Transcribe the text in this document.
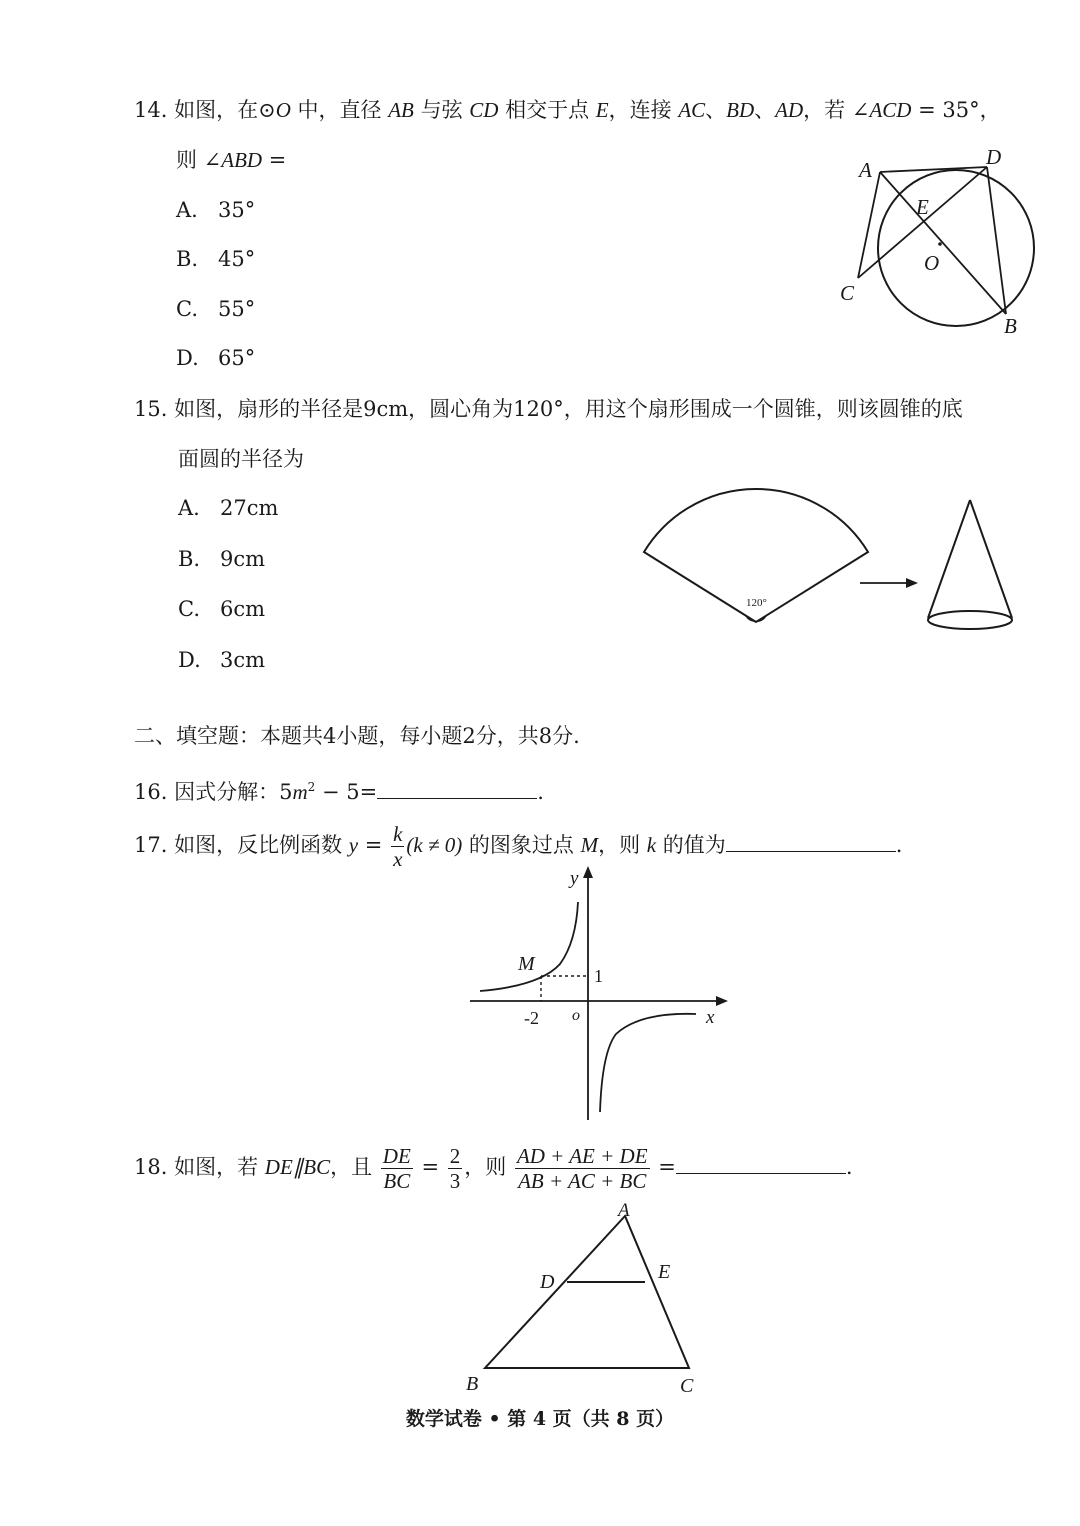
14. 如图，在⊙O 中，直径 AB 与弦 CD 相交于点 E，连接 AC、BD、AD，若 ∠ACD = 35°，
则 ∠ABD =
A. 35°
B. 45°
C. 55°
D. 65°
A
D
E
O
C
B
15. 如图，扇形的半径是9cm，圆心角为120°，用这个扇形围成一个圆锥，则该圆锥的底
面圆的半径为
A. 27cm
B. 9cm
C. 6cm
D. 3cm
120°
二、填空题：本题共4小题，每小题2分，共8分.
16. 因式分解：$5m^2 - 5=$	.
17. 如图，反比例函数 $y = \frac{k}{x} (k \ne 0)$ 的图象过点 M，则 k 的值为	.
y
x
o
M
1
-2
18. 如图，若 DE∥BC，且 $\frac{DE}{BC} = \frac{2}{3}$ ，则 $\frac{AD + AE + DE}{AB + AC + BC}$ =	.
A
D	E
B	C
数学试卷 • 第 4 页（共 8 页）
